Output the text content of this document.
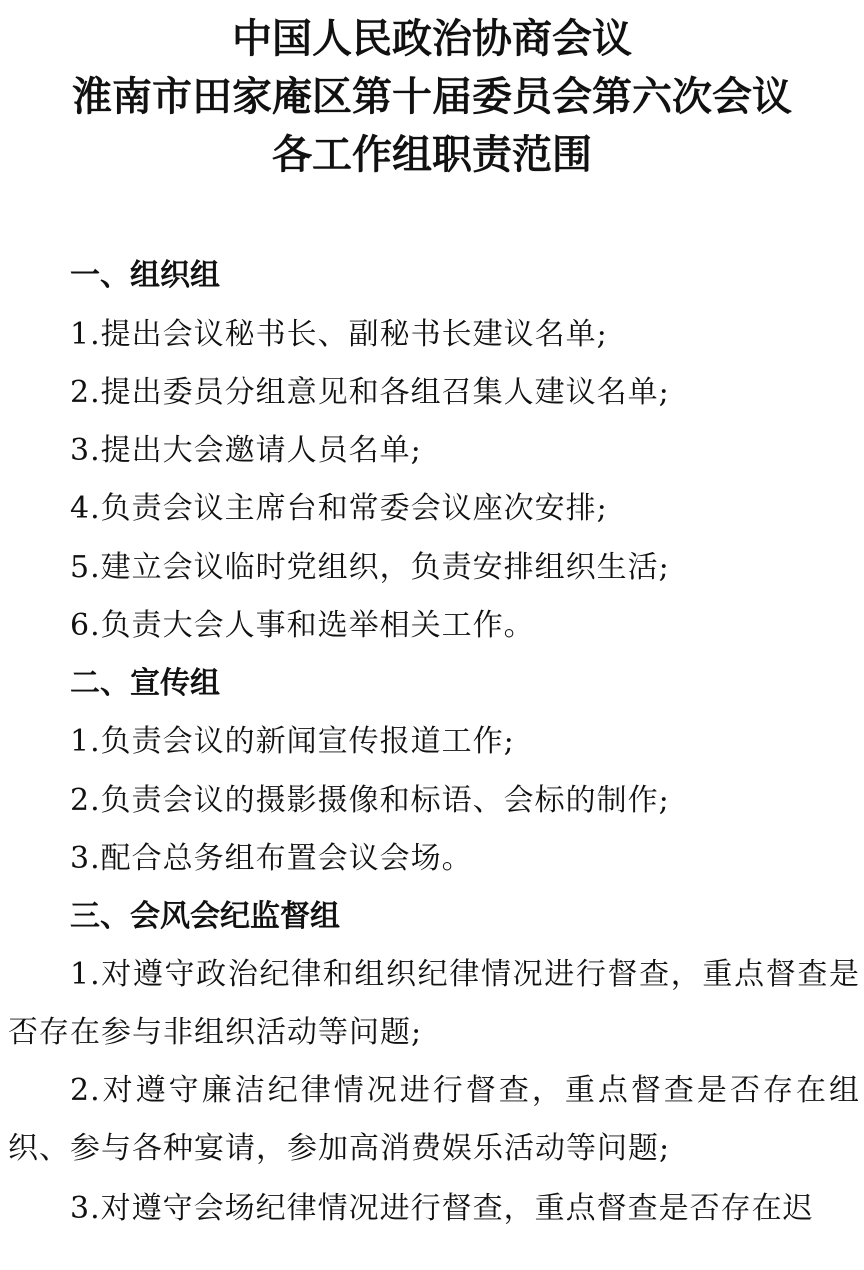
中国人民政治协商会议
淮南市田家庵区第十届委员会第六次会议
各工作组职责范围
一、组织组
1.提出会议秘书长、副秘书长建议名单;
2.提出委员分组意见和各组召集人建议名单;
3.提出大会邀请人员名单;
4.负责会议主席台和常委会议座次安排;
5.建立会议临时党组织，负责安排组织生活;
6.负责大会人事和选举相关工作。
二、宣传组
1.负责会议的新闻宣传报道工作;
2.负责会议的摄影摄像和标语、会标的制作;
3.配合总务组布置会议会场。
三、会风会纪监督组
1.对遵守政治纪律和组织纪律情况进行督查，重点督查是否存在参与非组织活动等问题;
2.对遵守廉洁纪律情况进行督查，重点督查是否存在组织、参与各种宴请，参加高消费娱乐活动等问题;
3.对遵守会场纪律情况进行督查，重点督查是否存在迟
